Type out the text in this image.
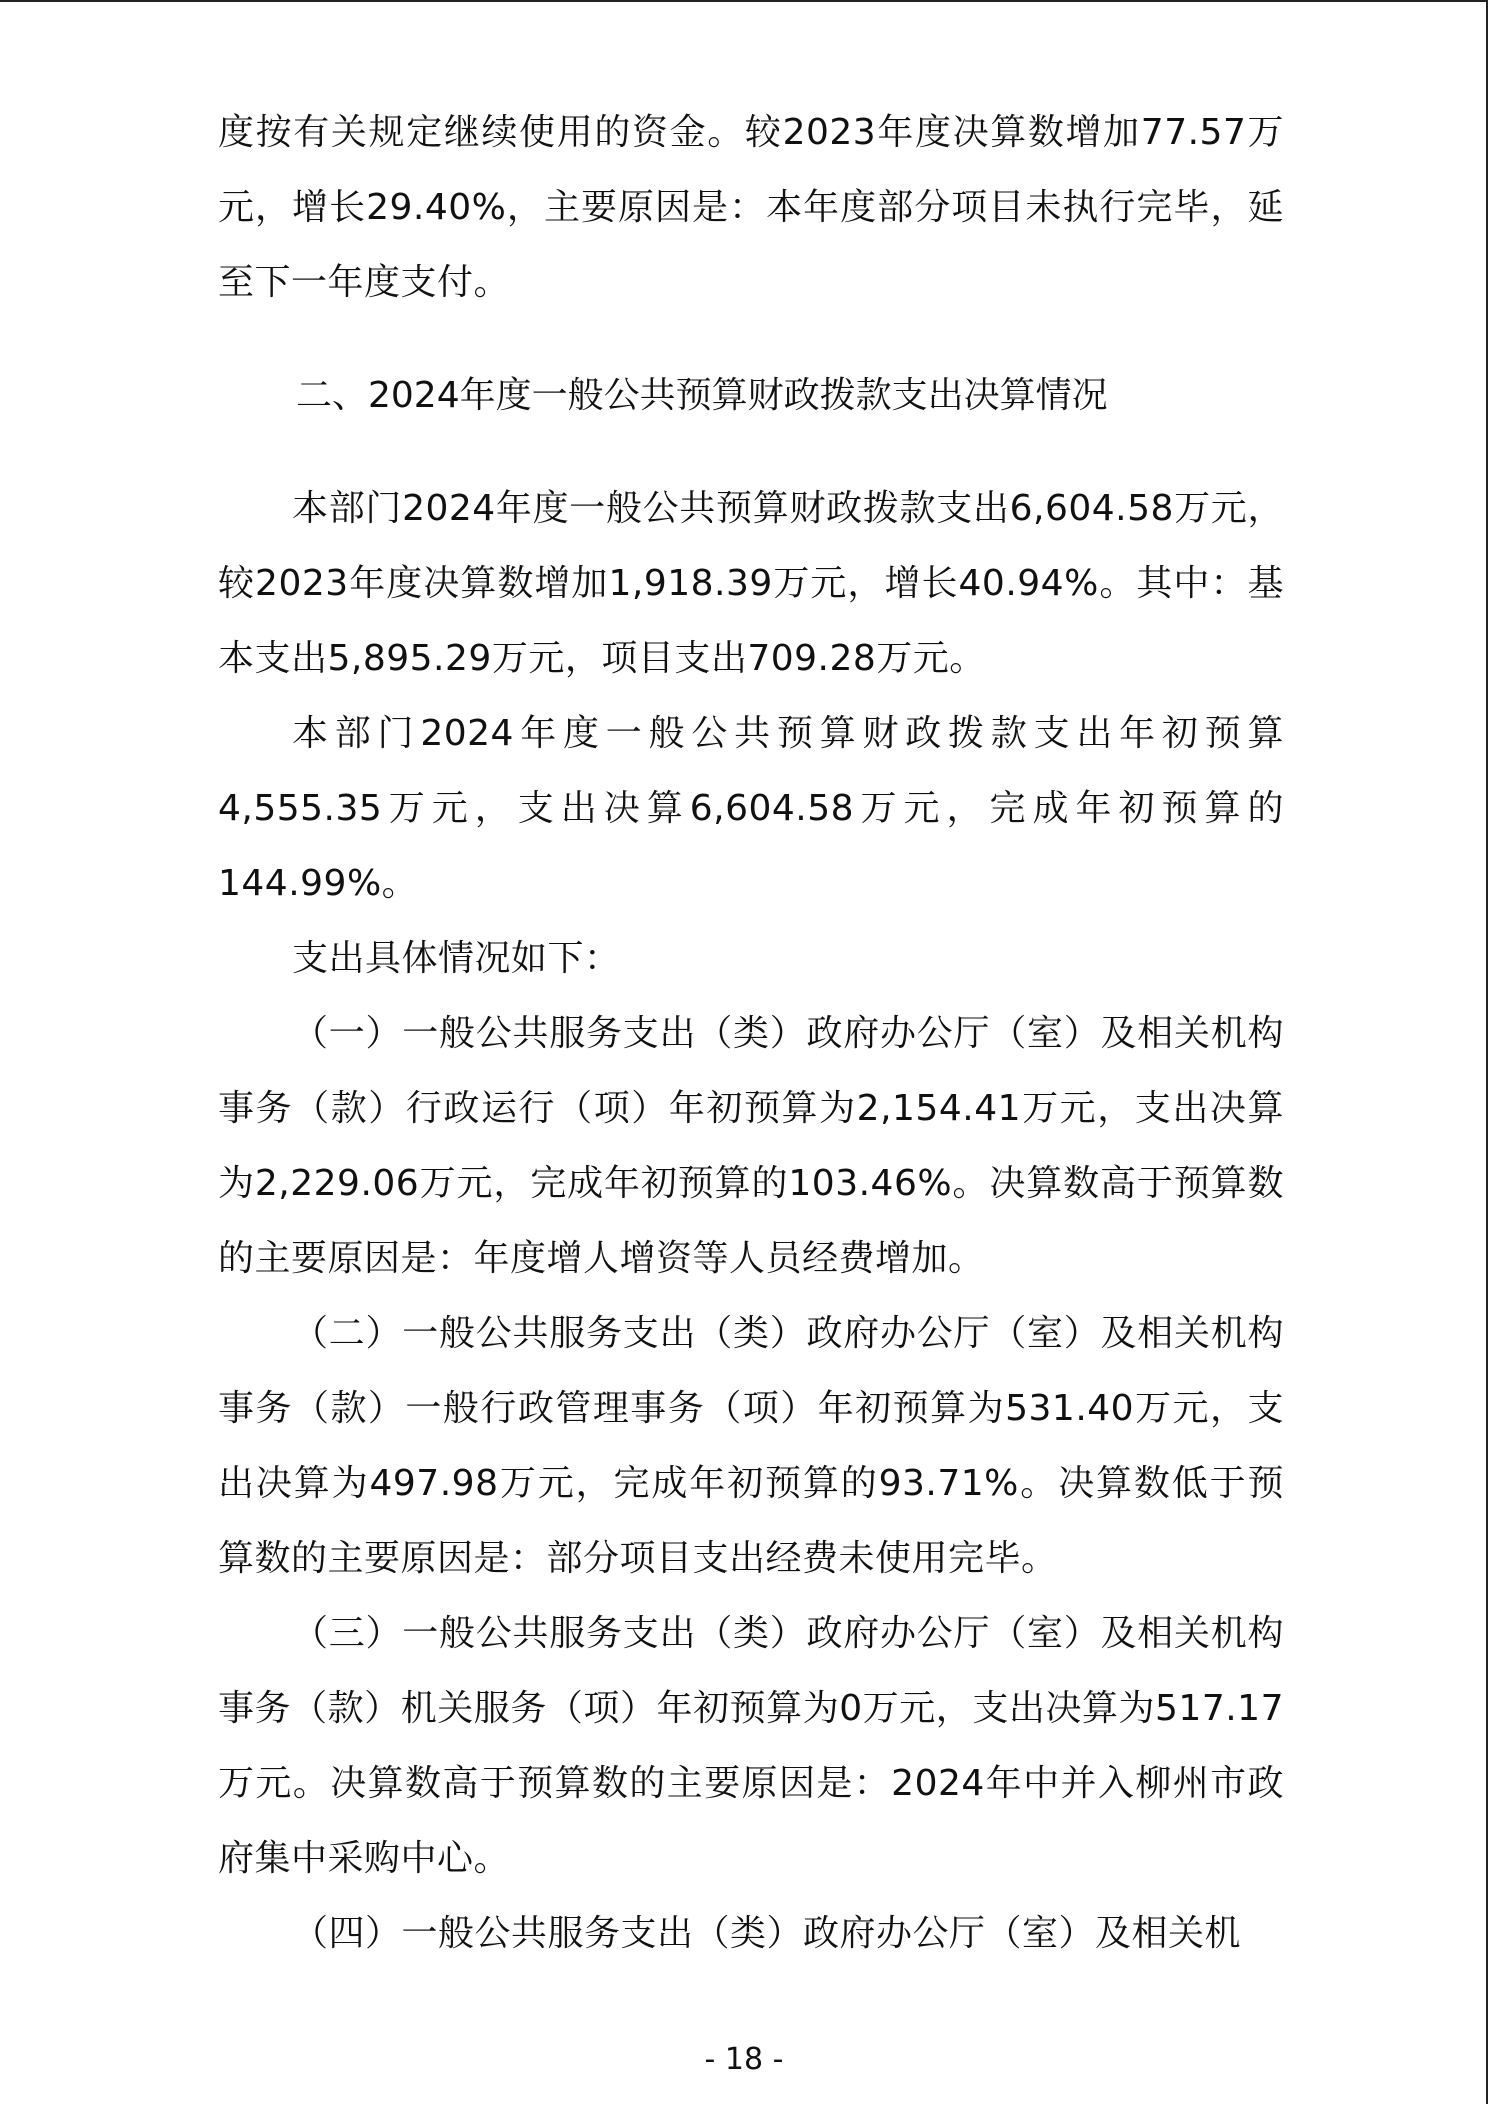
度按有关规定继续使用的资金。较2023年度决算数增加77.57万元，增长29.40%，主要原因是：本年度部分项目未执行完毕，延至下一年度支付。

二、2024年度一般公共预算财政拨款支出决算情况

本部门2024年度一般公共预算财政拨款支出6,604.58万元，较2023年度决算数增加1,918.39万元，增长40.94%。其中：基本支出5,895.29万元，项目支出709.28万元。

本部门2024年度一般公共预算财政拨款支出年初预算4,555.35万元，支出决算6,604.58万元，完成年初预算的144.99%。

支出具体情况如下：

（一）一般公共服务支出（类）政府办公厅（室）及相关机构事务（款）行政运行（项）年初预算为2,154.41万元，支出决算为2,229.06万元，完成年初预算的103.46%。决算数高于预算数的主要原因是：年度增人增资等人员经费增加。

（二）一般公共服务支出（类）政府办公厅（室）及相关机构事务（款）一般行政管理事务（项）年初预算为531.40万元，支出决算为497.98万元，完成年初预算的93.71%。决算数低于预算数的主要原因是：部分项目支出经费未使用完毕。

（三）一般公共服务支出（类）政府办公厅（室）及相关机构事务（款）机关服务（项）年初预算为0万元，支出决算为517.17万元。决算数高于预算数的主要原因是：2024年中并入柳州市政府集中采购中心。

（四）一般公共服务支出（类）政府办公厅（室）及相关机

- 18 -
